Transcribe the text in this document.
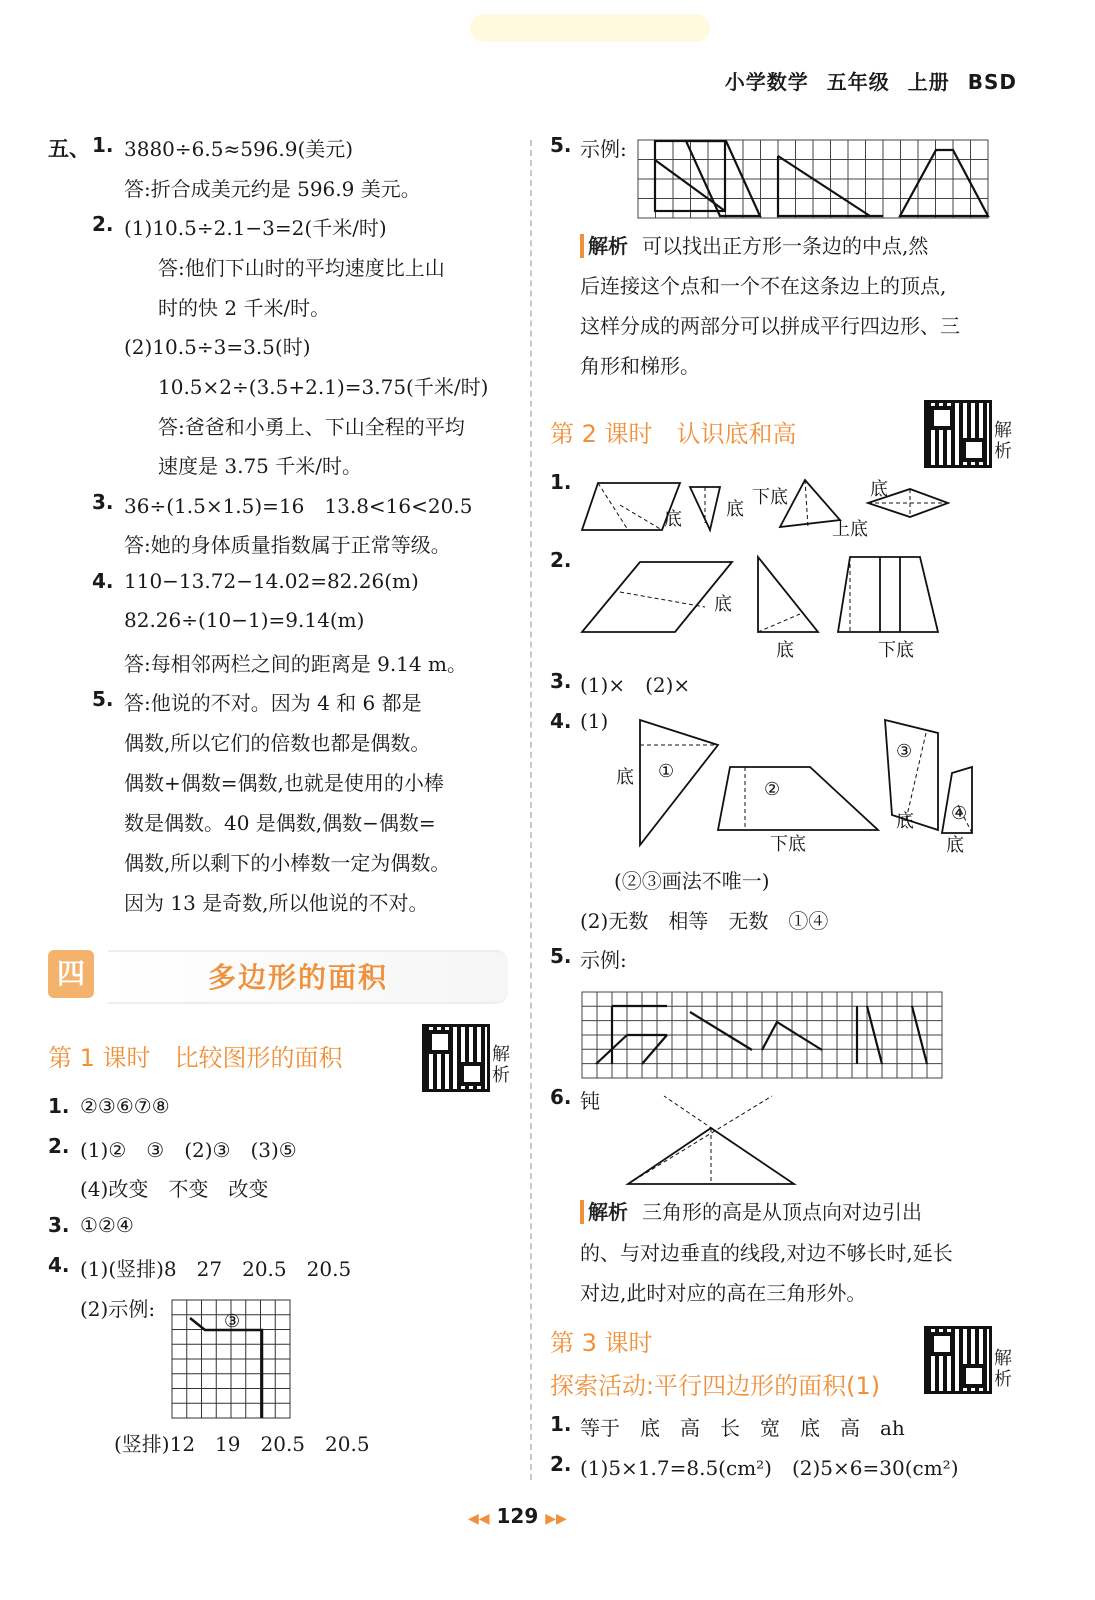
小学数学 五年级 上册 BSD
五、 1. 3880÷6.5≈596.9(美元)
答:折合成美元约是 596.9 美元。
2. (1)10.5÷2.1−3=2(千米/时)
答:他们下山时的平均速度比上山
时的快 2 千米/时。
(2)10.5÷3=3.5(时)
10.5×2÷(3.5+2.1)=3.75(千米/时)
答:爸爸和小勇上、下山全程的平均
速度是 3.75 千米/时。
3. 36÷(1.5×1.5)=16　13.8<16<20.5
答:她的身体质量指数属于正常等级。
4. 110−13.72−14.02=82.26(m)
82.26÷(10−1)=9.14(m)
答:每相邻两栏之间的距离是 9.14 m。
5. 答:他说的不对。因为 4 和 6 都是
偶数,所以它们的倍数也都是偶数。
偶数+偶数=偶数,也就是使用的小棒
数是偶数。40 是偶数,偶数−偶数=
偶数,所以剩下的小棒数一定为偶数。
因为 13 是奇数,所以他说的不对。
四	多边形的面积
第 1 课时　比较图形的面积	解析
1. ②③⑥⑦⑧
2. (1)②　③　(2)③　(3)⑤
(4)改变　不变　改变
3. ①②④
4. (1)(竖排)8　27　20.5　20.5
(2)示例:
③
(竖排)12　19　20.5　20.5
5. 示例:
解析 可以找出正方形一条边的中点,然
后连接这个点和一个不在这条边上的顶点,
这样分成的两部分可以拼成平行四边形、三
角形和梯形。
第 2 课时　认识底和高	解析
1.
底 底
下底
上底
底
2.
底
底	下底
3. (1)×　(2)×
4. (1)
底 ①
②
下底
③
底 ④
底
(②③画法不唯一)
(2)无数　相等　无数　①④
5. 示例:
6. 钝
解析 三角形的高是从顶点向对边引出
的、与对边垂直的线段,对边不够长时,延长
对边,此时对应的高在三角形外。
第 3 课时
探索活动:平行四边形的面积(1)
解析
1. 等于　底　高　长　宽　底　高　ah
2. (1)5×1.7=8.5(cm²)　(2)5×6=30(cm²)
◀◀ 129 ▶▶
